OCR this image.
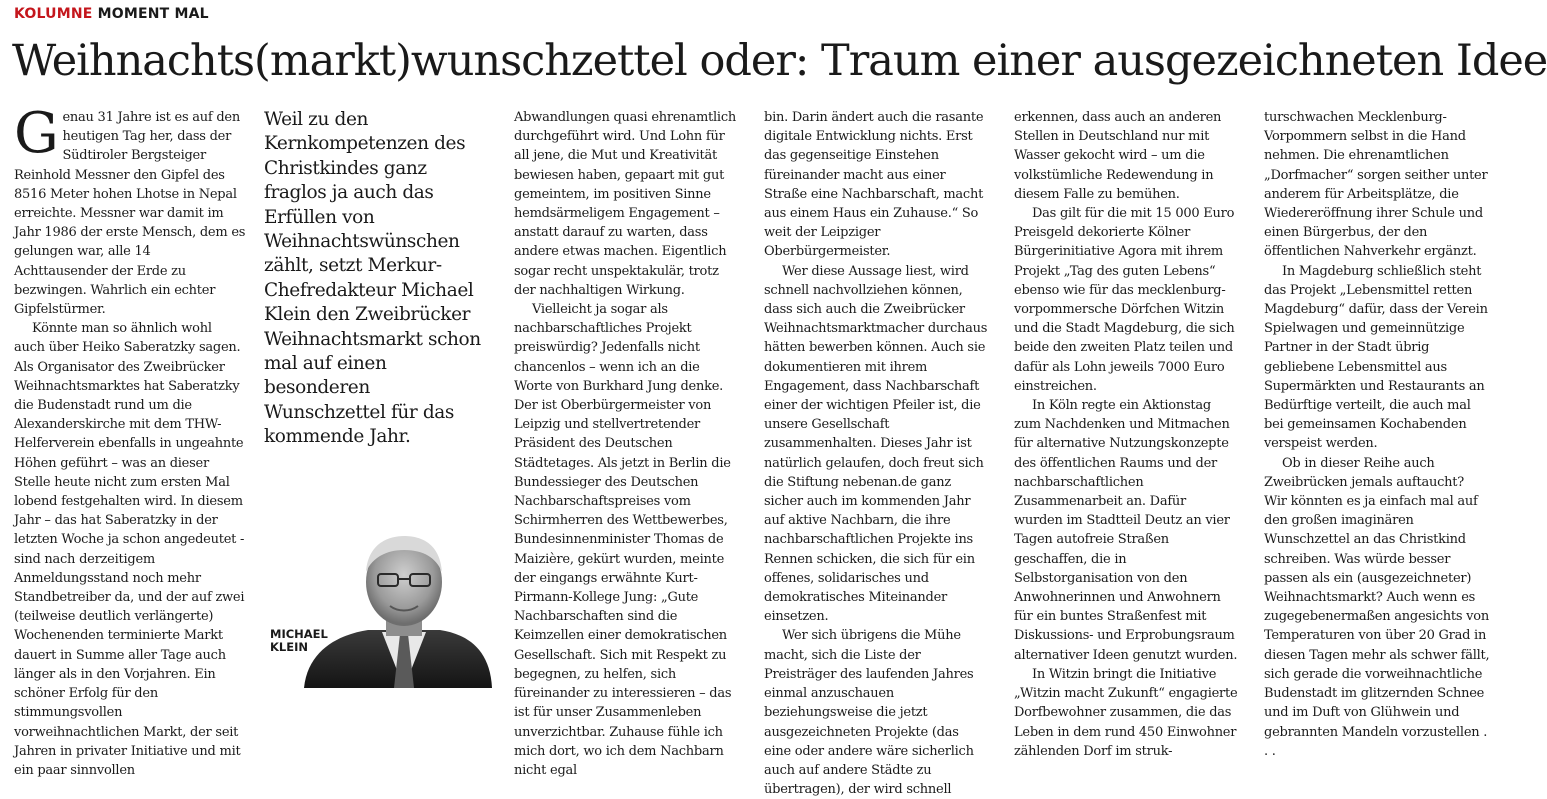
KOLUMNE MOMENT MAL
Weihnachts(markt)wunschzettel oder: Traum einer ausgezeichneten Idee

Genau 31 Jahre ist es auf den heutigen Tag her, dass der Südtiroler Bergsteiger Reinhold Messner den Gipfel des 8516 Meter hohen Lhotse in Nepal erreichte. Messner war damit im Jahr 1986 der erste Mensch, dem es gelungen war, alle 14 Achttausender der Erde zu bezwingen. Wahrlich ein echter Gipfelstürmer.

Könnte man so ähnlich wohl auch über Heiko Saberatzky sagen. Als Organisator des Zweibrücker Weihnachtsmarktes hat Saberatzky die Budenstadt rund um die Alexanderskirche mit dem THW-Helferverein ebenfalls in ungeahnte Höhen geführt – was an dieser Stelle heute nicht zum ersten Mal lobend festgehalten wird. In diesem Jahr – das hat Saberatzky in der letzten Woche ja schon angedeutet - sind nach derzeitigem Anmeldungsstand noch mehr Standbetreiber da, und der auf zwei (teilweise deutlich verlängerte) Wochenenden terminierte Markt dauert in Summe aller Tage auch länger als in den Vorjahren. Ein schöner Erfolg für den stimmungsvollen vorweihnachtlichen Markt, der seit Jahren in privater Initiative und mit ein paar sinnvollen

Weil zu den Kernkompetenzen des Christkindes ganz fraglos ja auch das Erfüllen von Weihnachtswünschen zählt, setzt Merkur-Chefredakteur Michael Klein den Zweibrücker Weihnachtsmarkt schon mal auf einen besonderen Wunschzettel für das kommende Jahr.

MICHAEL
KLEIN

Abwandlungen quasi ehrenamtlich durchgeführt wird. Und Lohn für all jene, die Mut und Kreativität bewiesen haben, gepaart mit gut gemeintem, im positiven Sinne hemdsärmeligem Engagement – anstatt darauf zu warten, dass andere etwas machen. Eigentlich sogar recht unspektakulär, trotz der nachhaltigen Wirkung.

Vielleicht ja sogar als nachbarschaftliches Projekt preiswürdig? Jedenfalls nicht chancenlos – wenn ich an die Worte von Burkhard Jung denke. Der ist Oberbürgermeister von Leipzig und stellvertretender Präsident des Deutschen Städtetages. Als jetzt in Berlin die Bundessieger des Deutschen Nachbarschaftspreises vom Schirmherren des Wettbewerbes, Bundesinnenminister Thomas de Maizière, gekürt wurden, meinte der eingangs erwähnte Kurt-Pirmann-Kollege Jung: „Gute Nachbarschaften sind die Keimzellen einer demokratischen Gesellschaft. Sich mit Respekt zu begegnen, zu helfen, sich füreinander zu interessieren – das ist für unser Zusammenleben unverzichtbar. Zuhause fühle ich mich dort, wo ich dem Nachbarn nicht egal

bin. Darin ändert auch die rasante digitale Entwicklung nichts. Erst das gegenseitige Einstehen füreinander macht aus einer Straße eine Nachbarschaft, macht aus einem Haus ein Zuhause.“ So weit der Leipziger Oberbürgermeister.

Wer diese Aussage liest, wird schnell nachvollziehen können, dass sich auch die Zweibrücker Weihnachtsmarktmacher durchaus hätten bewerben können. Auch sie dokumentieren mit ihrem Engagement, dass Nachbarschaft einer der wichtigen Pfeiler ist, die unsere Gesellschaft zusammenhalten. Dieses Jahr ist natürlich gelaufen, doch freut sich die Stiftung nebenan.de ganz sicher auch im kommenden Jahr auf aktive Nachbarn, die ihre nachbarschaftlichen Projekte ins Rennen schicken, die sich für ein offenes, solidarisches und demokratisches Miteinander einsetzen.

Wer sich übrigens die Mühe macht, sich die Liste der Preisträger des laufenden Jahres einmal anzuschauen beziehungsweise die jetzt ausgezeichneten Projekte (das eine oder andere wäre sicherlich auch auf andere Städte zu übertragen), der wird schnell

erkennen, dass auch an anderen Stellen in Deutschland nur mit Wasser gekocht wird – um die volkstümliche Redewendung in diesem Falle zu bemühen.

Das gilt für die mit 15 000 Euro Preisgeld dekorierte Kölner Bürgerinitiative Agora mit ihrem Projekt „Tag des guten Lebens“ ebenso wie für das mecklenburg-vorpommersche Dörfchen Witzin und die Stadt Magdeburg, die sich beide den zweiten Platz teilen und dafür als Lohn jeweils 7000 Euro einstreichen.

In Köln regte ein Aktionstag zum Nachdenken und Mitmachen für alternative Nutzungskonzepte des öffentlichen Raums und der nachbarschaftlichen Zusammenarbeit an. Dafür wurden im Stadtteil Deutz an vier Tagen autofreie Straßen geschaffen, die in Selbstorganisation von den Anwohnerinnen und Anwohnern für ein buntes Straßenfest mit Diskussions- und Erprobungsraum alternativer Ideen genutzt wurden.

In Witzin bringt die Initiative „Witzin macht Zukunft“ engagierte Dorfbewohner zusammen, die das Leben in dem rund 450 Einwohner zählenden Dorf im struk-

turschwachen Mecklenburg-Vorpommern selbst in die Hand nehmen. Die ehrenamtlichen „Dorfmacher“ sorgen seither unter anderem für Arbeitsplätze, die Wiedereröffnung ihrer Schule und einen Bürgerbus, der den öffentlichen Nahverkehr ergänzt.

In Magdeburg schließlich steht das Projekt „Lebensmittel retten Magdeburg“ dafür, dass der Verein Spielwagen und gemeinnützige Partner in der Stadt übrig gebliebene Lebensmittel aus Supermärkten und Restaurants an Bedürftige verteilt, die auch mal bei gemeinsamen Kochabenden verspeist werden.

Ob in dieser Reihe auch Zweibrücken jemals auftaucht? Wir könnten es ja einfach mal auf den großen imaginären Wunschzettel an das Christkind schreiben. Was würde besser passen als ein (ausgezeichneter) Weihnachtsmarkt? Auch wenn es zugegebenermaßen angesichts von Temperaturen von über 20 Grad in diesen Tagen mehr als schwer fällt, sich gerade die vorweihnachtliche Budenstadt im glitzernden Schnee und im Duft von Glühwein und gebrannten Mandeln vorzustellen . . .
